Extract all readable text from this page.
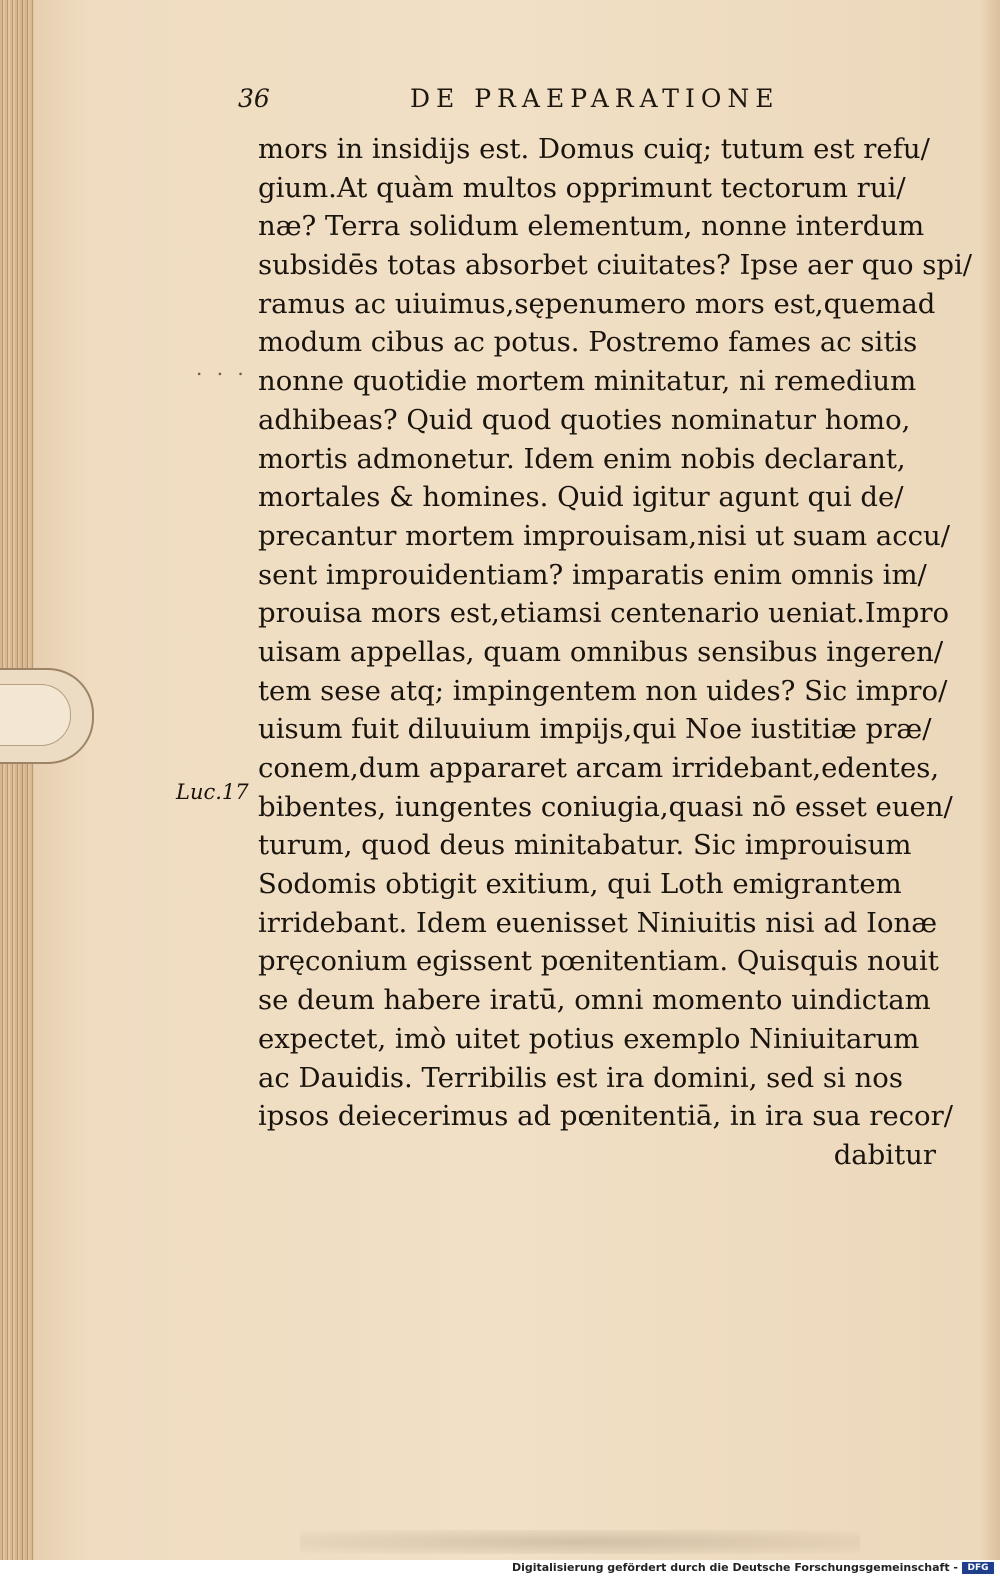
36	DE PRAEPARATIONE
. . .
Luc.17
mors in insidijs est. Domus cuiq; tutum est refu/
gium.At quàm multos opprimunt tectorum rui/
næ? Terra solidum elementum, nonne interdum
subsidēs totas absorbet ciuitates? Ipse aer quo spi/
ramus ac uiuimus,sępenumero mors est,quemad
modum cibus ac potus. Postremo fames ac sitis
nonne quotidie mortem minitatur, ni remedium
adhibeas? Quid quod quoties nominatur homo,
mortis admonetur. Idem enim nobis declarant,
mortales & homines. Quid igitur agunt qui de/
precantur mortem improuisam,nisi ut suam accu/
sent improuidentiam? imparatis enim omnis im/
prouisa mors est,etiamsi centenario ueniat.Impro
uisam appellas, quam omnibus sensibus ingeren/
tem sese atq; impingentem non uides? Sic impro/
uisum fuit diluuium impijs,qui Noe iustitiæ præ/
conem,dum appararet arcam irridebant,edentes,
bibentes, iungentes coniugia,quasi nō esset euen/
turum, quod deus minitabatur. Sic improuisum
Sodomis obtigit exitium, qui Loth emigrantem
irridebant. Idem euenisset Niniuitis nisi ad Ionæ
pręconium egissent pœnitentiam. Quisquis nouit
se deum habere iratū, omni momento uindictam
expectet, imò uitet potius exemplo Niniuitarum
ac Dauidis. Terribilis est ira domini, sed si nos
ipsos deiecerimus ad pœnitentiā, in ira sua recor/
dabitur
Digitalisierung gefördert durch die Deutsche Forschungsgemeinschaft -	DFG
